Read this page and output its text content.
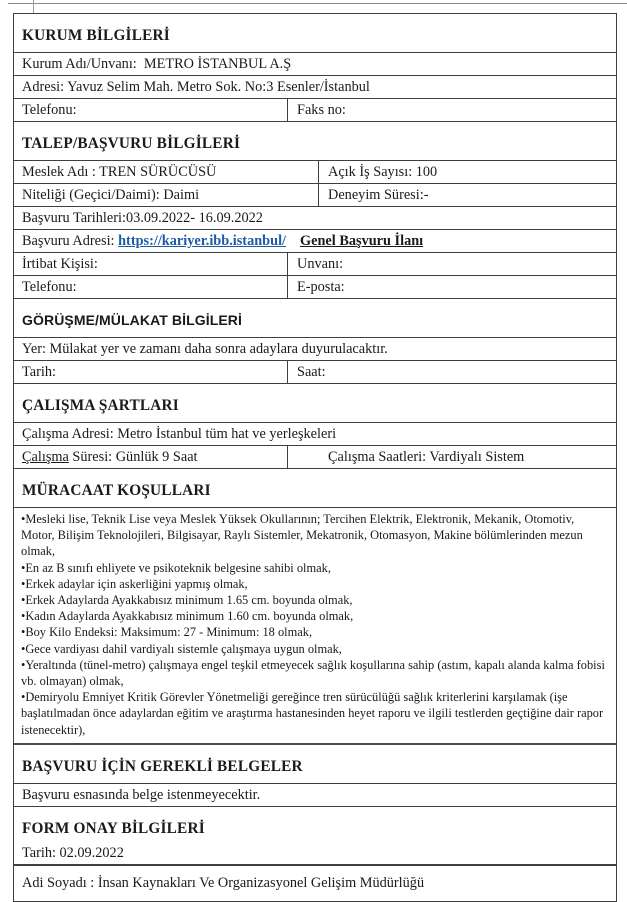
KURUM BİLGİLERİ
Kurum Adı/Unvanı:  METRO İSTANBUL A.Ş
Adresi: Yavuz Selim Mah. Metro Sok. No:3 Esenler/İstanbul
Telefonu:	Faks no:
TALEP/BAŞVURU BİLGİLERİ
Meslek Adı : TREN SÜRÜCÜSÜ	Açık İş Sayısı: 100
Niteliği (Geçici/Daimi): Daimi	Deneyim Süresi:-
Başvuru Tarihleri:03.09.2022- 16.09.2022
Başvuru Adresi: https://kariyer.ibb.istanbul/ Genel Başvuru İlanı
İrtibat Kişisi:	Unvanı:
Telefonu:	E-posta:
GÖRÜŞME/MÜLAKAT BİLGİLERİ
Yer: Mülakat yer ve zamanı daha sonra adaylara duyurulacaktır.
Tarih:	Saat:
ÇALIŞMA ŞARTLARI
Çalışma Adresi: Metro İstanbul tüm hat ve yerleşkeleri
Çalışma Süresi: Günlük 9 Saat	Çalışma Saatleri: Vardiyalı Sistem
MÜRACAAT KOŞULLARI
• Mesleki lise, Teknik Lise veya Meslek Yüksek Okullarının; Tercihen Elektrik, Elektronik, Mekanik, Otomotiv, Motor, Bilişim Teknolojileri, Bilgisayar, Raylı Sistemler, Mekatronik, Otomasyon, Makine bölümlerinden mezun olmak,
• En az B sınıfı ehliyete ve psikoteknik belgesine sahibi olmak,
• Erkek adaylar için askerliğini yapmış olmak,
• Erkek Adaylarda Ayakkabısız minimum 1.65 cm. boyunda olmak,
• Kadın Adaylarda Ayakkabısız minimum 1.60 cm. boyunda olmak,
• Boy Kilo Endeksi: Maksimum: 27 - Minimum: 18 olmak,
• Gece vardiyası dahil vardiyalı sistemle çalışmaya uygun olmak,
• Yeraltında (tünel-metro) çalışmaya engel teşkil etmeyecek sağlık koşullarına sahip (astım, kapalı alanda kalma fobisi vb. olmayan) olmak,
• Demiryolu Emniyet Kritik Görevler Yönetmeliği gereğince tren sürücülüğü sağlık kriterlerini karşılamak (işe başlatılmadan önce adaylardan eğitim ve araştırma hastanesinden heyet raporu ve ilgili testlerden geçtiğine dair rapor istenecektir),
BAŞVURU İÇİN GEREKLİ BELGELER
Başvuru esnasında belge istenmeyecektir.
FORM ONAY BİLGİLERİ
Tarih: 02.09.2022
Adi Soyadı : İnsan Kaynakları Ve Organizasyonel Gelişim Müdürlüğü
